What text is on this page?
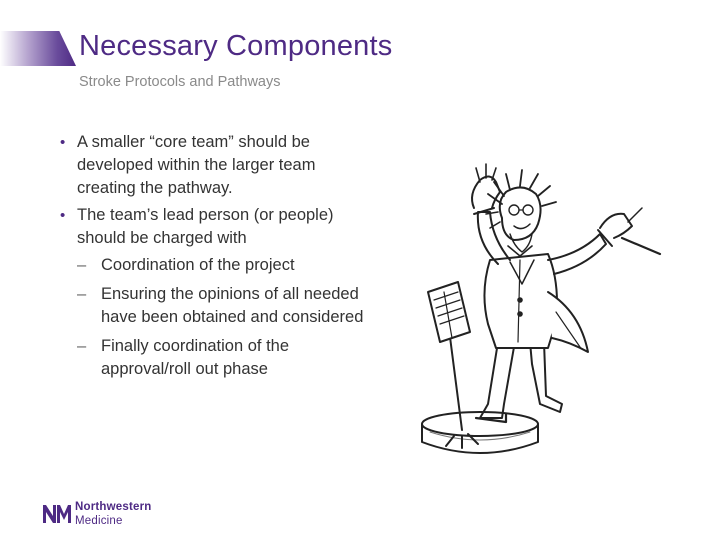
Necessary Components
Stroke Protocols and Pathways
• A smaller “core team” should be developed within the larger team creating the pathway.
• The team’s lead person (or people) should be charged with
– Coordination of the project
– Ensuring the opinions of all needed have been obtained and considered
– Finally coordination of the approval/roll out phase
Northwestern
Medicine
